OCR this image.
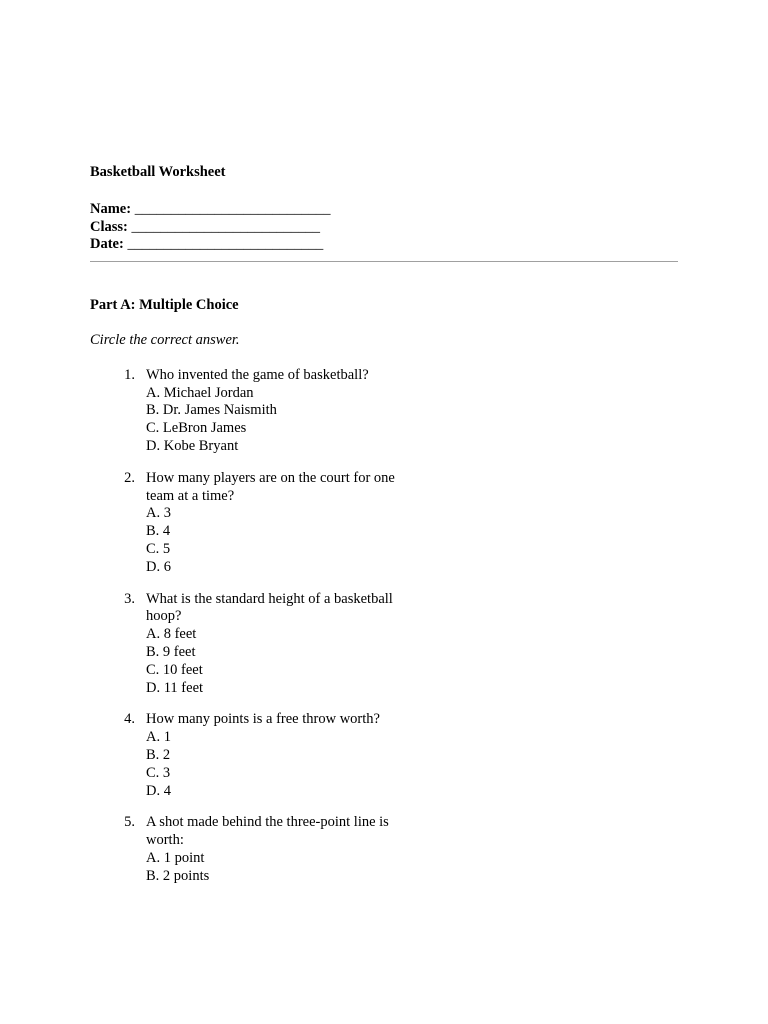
Basketball Worksheet
Name: ___________________________
Class: __________________________
Date: ___________________________
Part A: Multiple Choice
Circle the correct answer.
1. Who invented the game of basketball?
A. Michael Jordan
B. Dr. James Naismith
C. LeBron James
D. Kobe Bryant
2. How many players are on the court for one team at a time?
A. 3
B. 4
C. 5
D. 6
3. What is the standard height of a basketball hoop?
A. 8 feet
B. 9 feet
C. 10 feet
D. 11 feet
4. How many points is a free throw worth?
A. 1
B. 2
C. 3
D. 4
5. A shot made behind the three-point line is worth:
A. 1 point
B. 2 points
